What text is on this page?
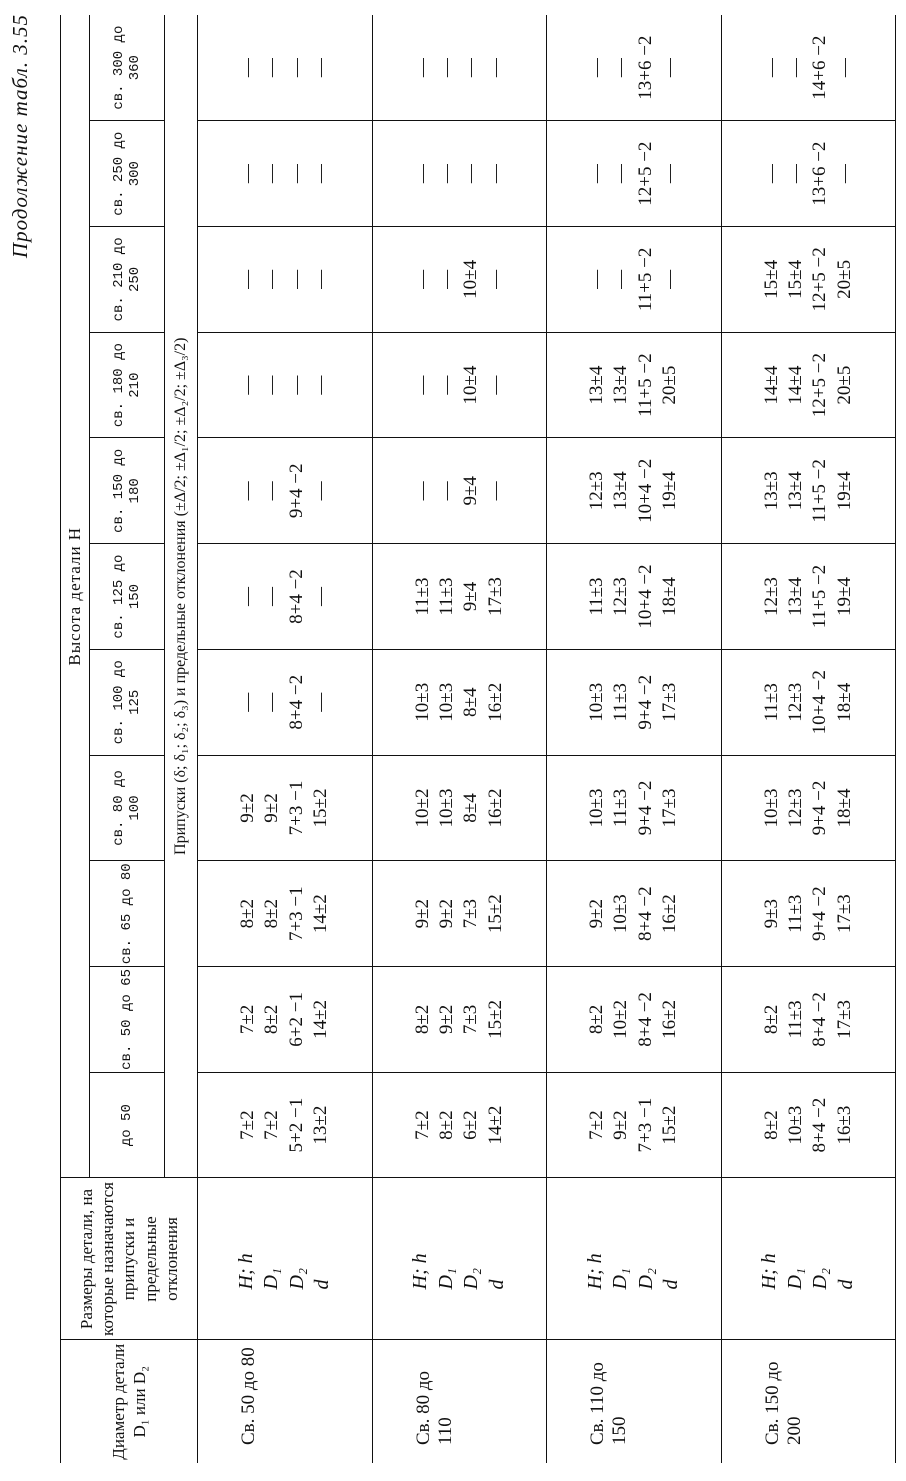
Продолжение табл. 3.55
Диаметр детали D₁ или D₂	Размеры детали, на которые назначаются припуски и предельные отклонения	Высота детали H										
		до 50	св. 50 до 65	св. 65 до 80	св. 80 до 100	св. 100 до 125	св. 125 до 150	св. 150 до 180	св. 180 до 210	св. 210 до 250	св. 250 до 300	св. 300 до 360
		Припуски (δ; δ₁; δ₂; δ₃) и предельные отклонения (±Δ/2; ±Δ₁/2; ±Δ₂/2; ±Δ₃/2)										
Св. 50 до 80	H; h D₁ D₂ d	7±2 7±2 5+2 −1 13±2	7±2 8±2 6+2 −1 14±2	8±2 8±2 7+3 −1 14±2	9±2 9±2 7+3 −1 15±2	— — 8+4 −2 —	— — 8+4 −2 —	— — 9+4 −2 —	— — — —	— — — —	— — — —	— — — —

Св. 80 до 110	H; h D₁ D₂ d	7±2 8±2 6±2 14±2	8±2 9±2 7±3 15±2	9±2 9±2 7±3 15±2	10±2 10±3 8±4 16±2	10±3 10±3 8±4 16±2	11±3 11±3 9±4 17±3	— — 9±4 —	— — 10±4 —	— — 10±4 —	— — — —	— — — —

Св. 110 до 150	H; h D₁ D₂ d	7±2 9±2 7+3 −1 15±2	8±2 10±2 8+4 −2 16±2	9±2 10±3 8+4 −2 16±2	10±3 11±3 9+4 −2 17±3	10±3 11±3 9+4 −2 17±3	11±3 12±3 10+4 −2 18±4	12±3 13±4 10+4 −2 19±4	13±4 13±4 11+5 −2 20±5	— — 11+5 −2 —	— — 12+5 −2 —	— — 13+6 −2 —

Св. 150 до 200	H; h D₁ D₂ d	8±2 10±3 8+4 −2 16±3	8±2 11±3 8+4 −2 17±3	9±3 11±3 9+4 −2 17±3	10±3 12±3 9+4 −2 18±4	11±3 12±3 10+4 −2 18±4	12±3 13±4 11+5 −2 19±4	13±3 13±4 11+5 −2 19±4	14±4 14±4 12+5 −2 20±5	15±4 15±4 12+5 −2 20±5	— — 13+6 −2 —	— — 14+6 −2 —
